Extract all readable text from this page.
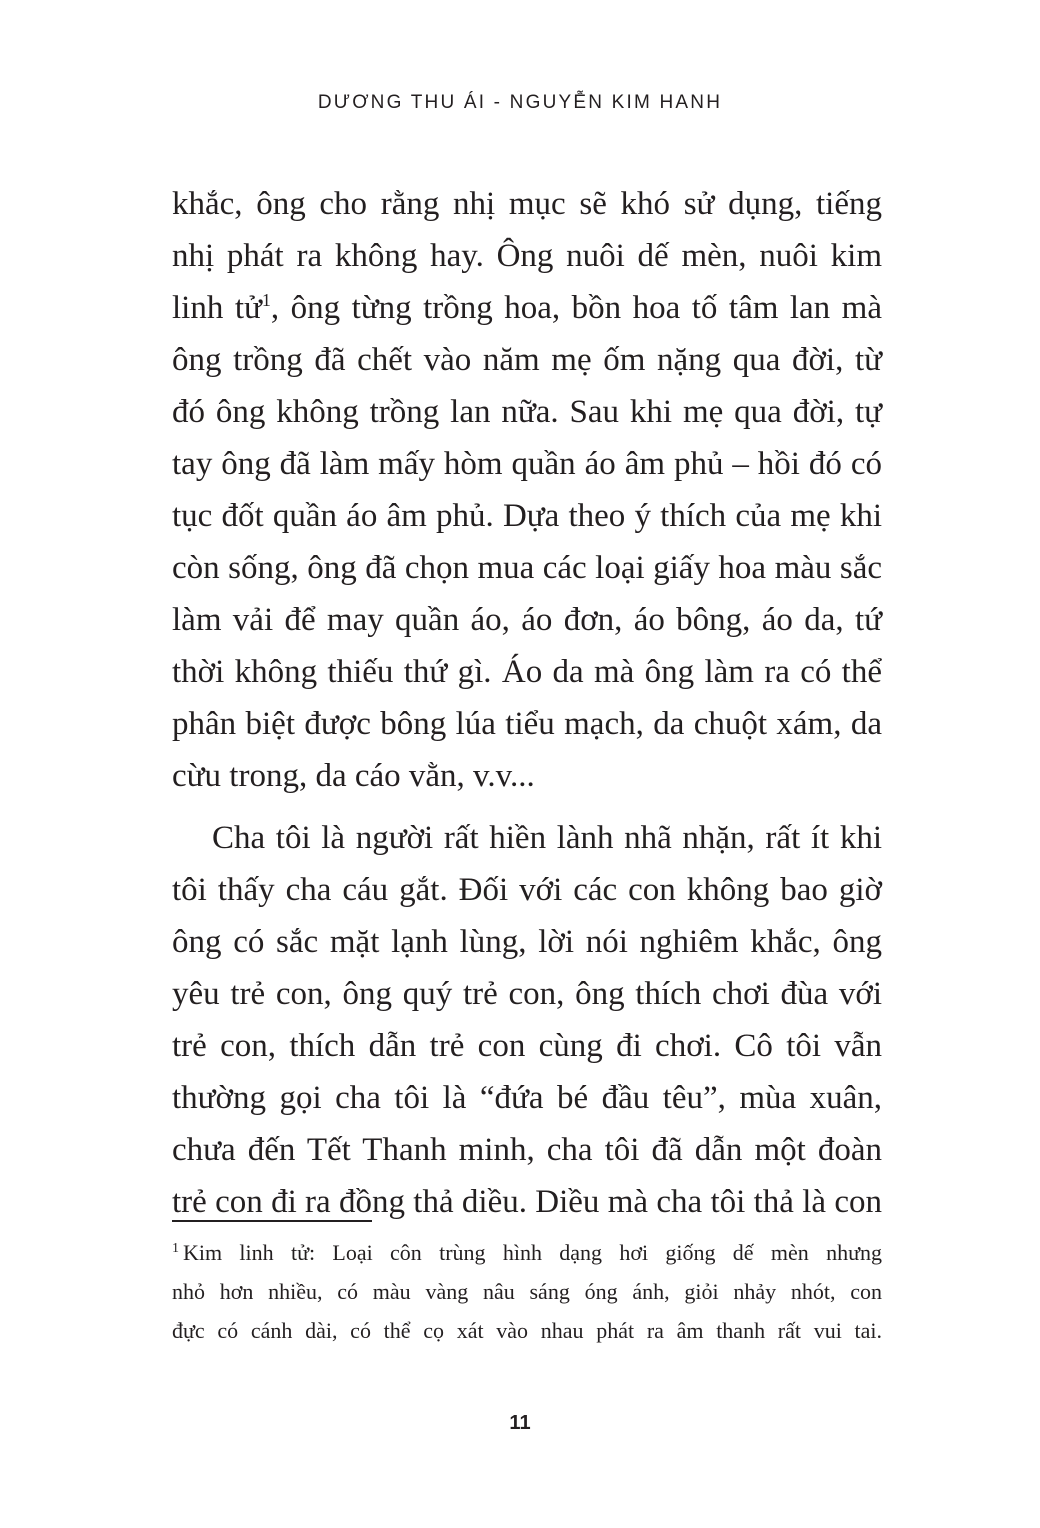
DƯƠNG THU ÁI - NGUYỄN KIM HANH
khắc, ông cho rằng nhị mục sẽ khó sử dụng, tiếng
nhị phát ra không hay. Ông nuôi dế mèn, nuôi kim
linh tử$^1$, ông từng trồng hoa, bồn hoa tố tâm lan mà
ông trồng đã chết vào năm mẹ ốm nặng qua đời, từ
đó ông không trồng lan nữa. Sau khi mẹ qua đời, tự
tay ông đã làm mấy hòm quần áo âm phủ – hồi đó có
tục đốt quần áo âm phủ. Dựa theo ý thích của mẹ khi
còn sống, ông đã chọn mua các loại giấy hoa màu sắc
làm vải để may quần áo, áo đơn, áo bông, áo da, tứ
thời không thiếu thứ gì. Áo da mà ông làm ra có thể
phân biệt được bông lúa tiểu mạch, da chuột xám, da
cừu trong, da cáo vằn, v.v...
Cha tôi là người rất hiền lành nhã nhặn, rất ít khi
tôi thấy cha cáu gắt. Đối với các con không bao giờ
ông có sắc mặt lạnh lùng, lời nói nghiêm khắc, ông
yêu trẻ con, ông quý trẻ con, ông thích chơi đùa với
trẻ con, thích dẫn trẻ con cùng đi chơi. Cô tôi vẫn
thường gọi cha tôi là “đứa bé đầu têu”, mùa xuân,
chưa đến Tết Thanh minh, cha tôi đã dẫn một đoàn
trẻ con đi ra đồng thả diều. Diều mà cha tôi thả là con
$^1$ Kim linh tử: Loại côn trùng hình dạng hơi giống dế mèn nhưng
nhỏ hơn nhiều, có màu vàng nâu sáng óng ánh, giỏi nhảy nhót, con
đực có cánh dài, có thể cọ xát vào nhau phát ra âm thanh rất vui tai.
11
